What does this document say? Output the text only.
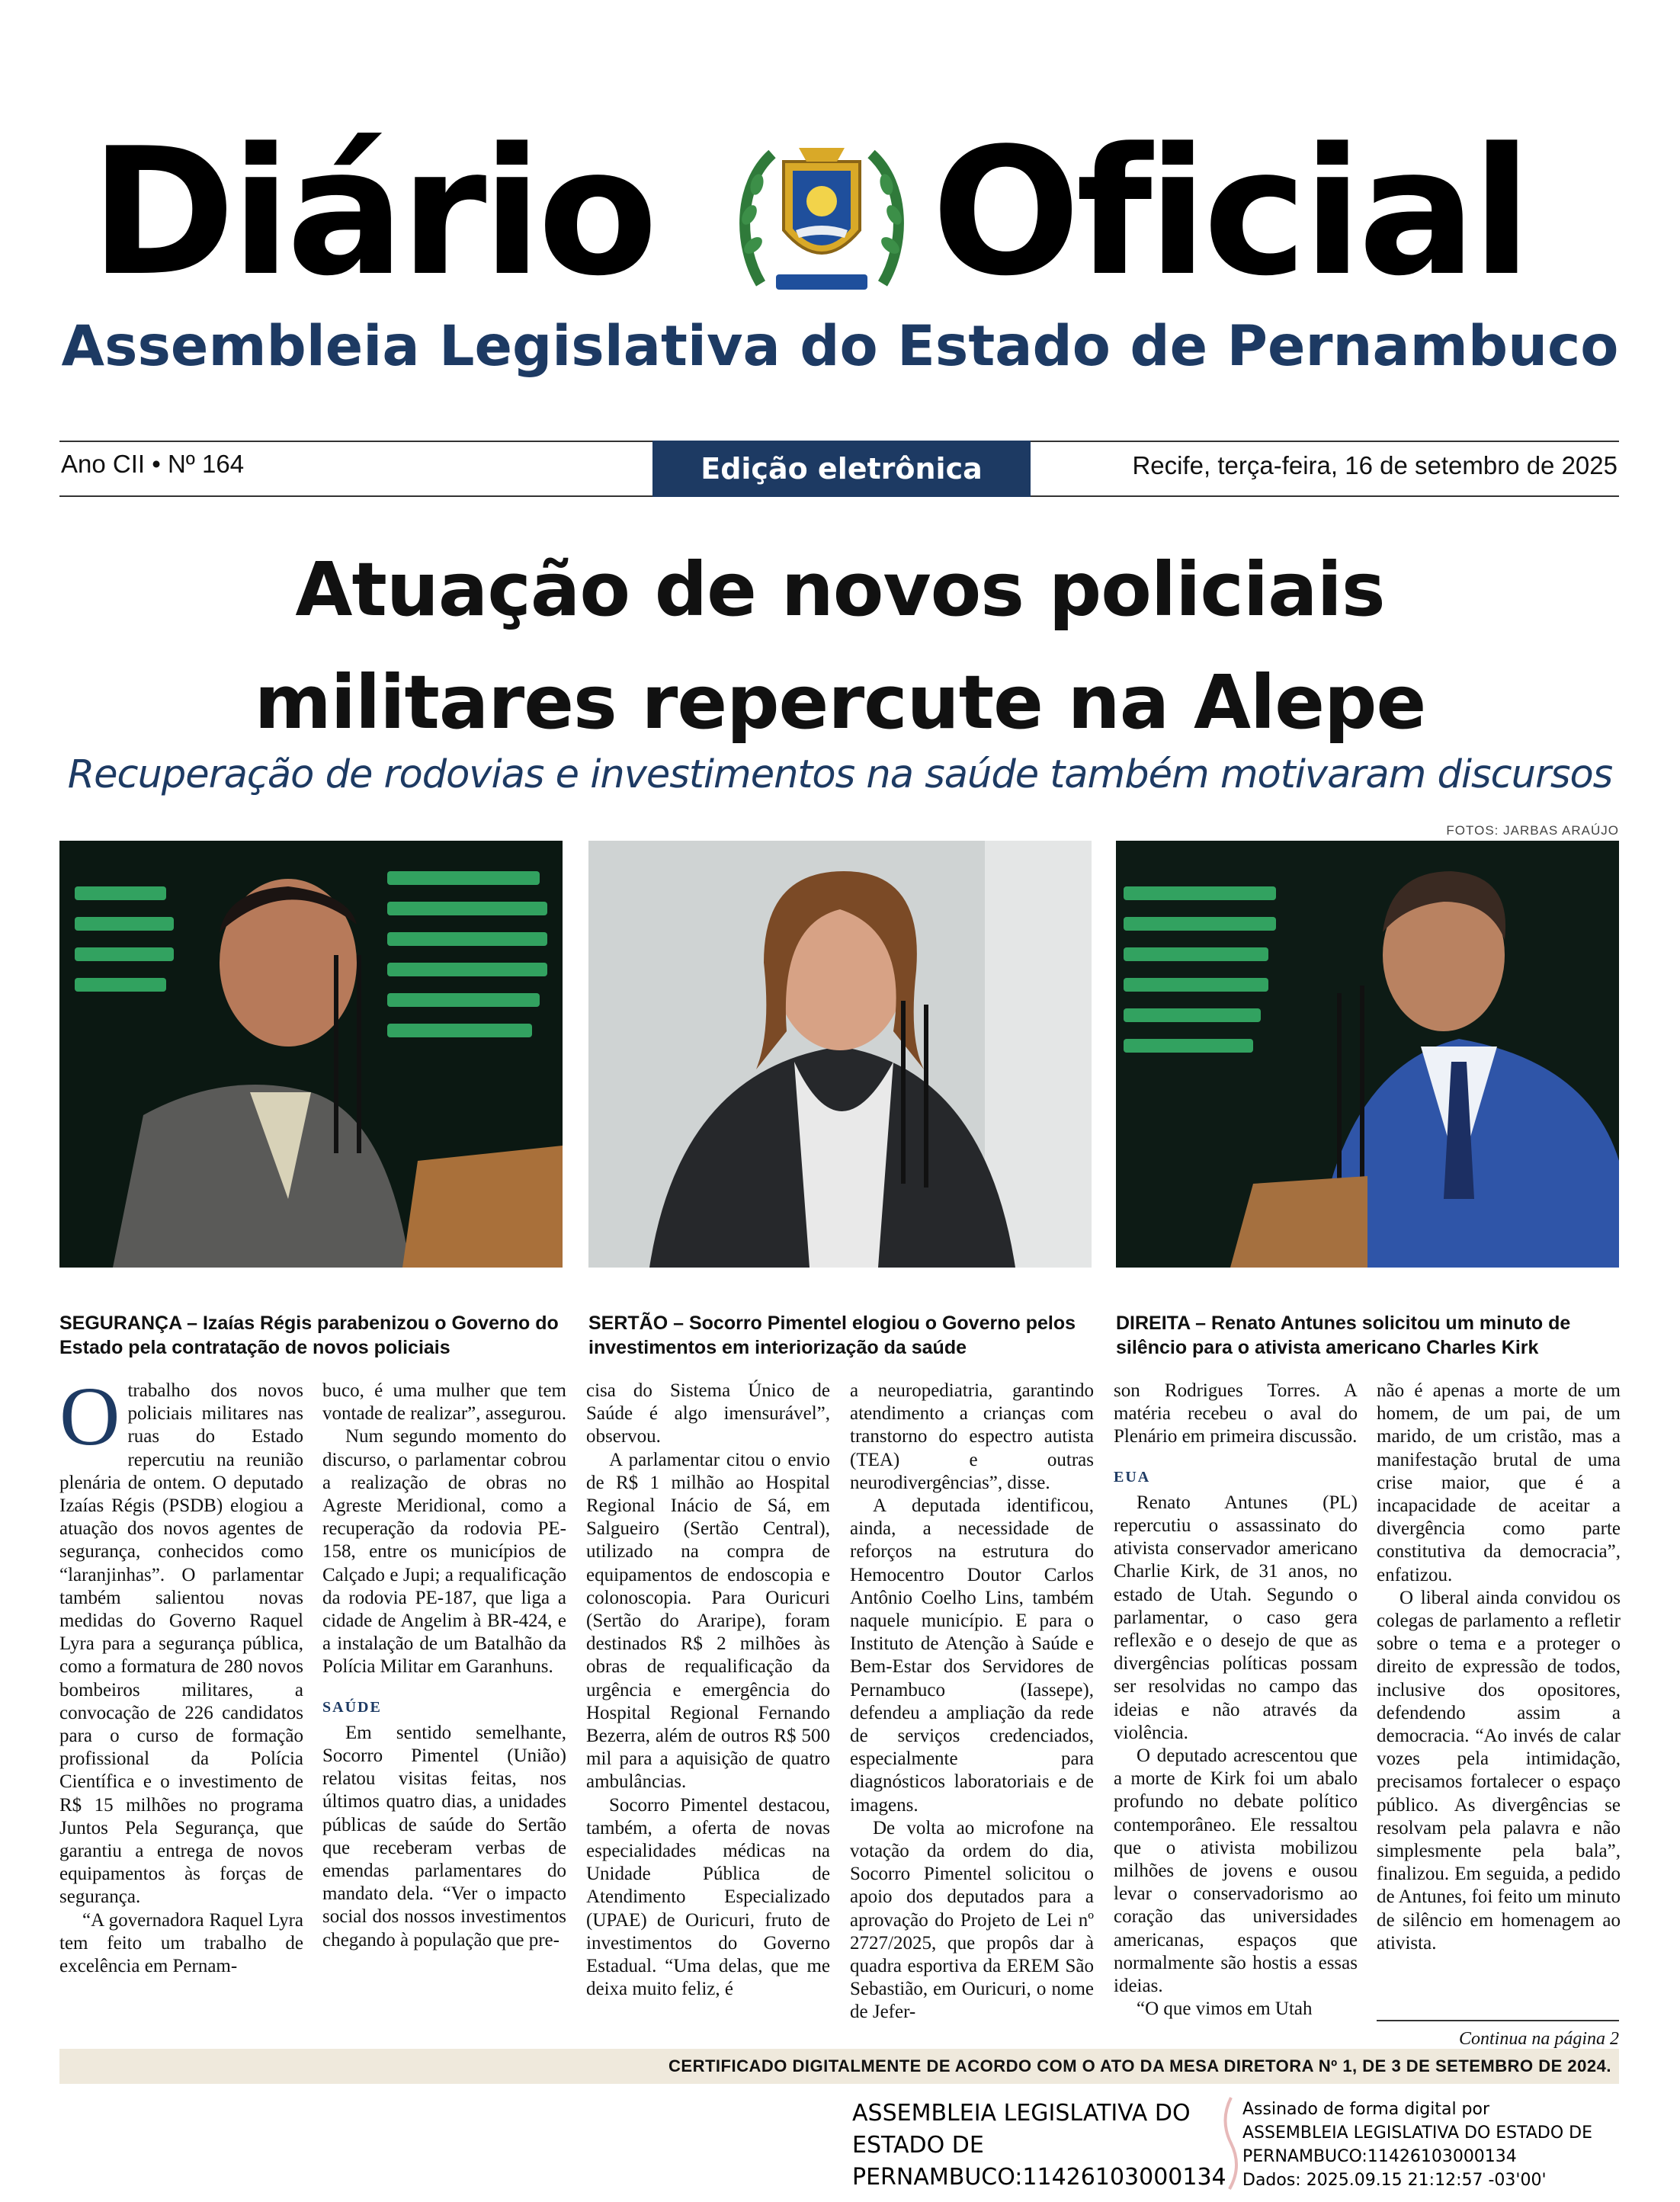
Diário Oficial
Assembleia Legislativa do Estado de Pernambuco
Ano CII • Nº 164	Edição eletrônica	Recife, terça-feira, 16 de setembro de 2025
Atuação de novos policiais
militares repercute na Alepe
Recuperação de rodovias e investimentos na saúde também motivaram discursos
FOTOS: JARBAS ARAÚJO
SEGURANÇA – Izaías Régis parabenizou o Governo do Estado pela contratação de novos policiais
SERTÃO – Socorro Pimentel elogiou o Governo pelos investimentos em interiorização da saúde
DIREITA – Renato Antunes solicitou um minuto de silêncio para o ativista americano Charles Kirk
O trabalho dos novos policiais militares nas ruas do Estado repercutiu na reunião plenária de ontem. O deputado Izaías Régis (PSDB) elogiou a atuação dos novos agentes de segurança, conhecidos como “laranjinhas”. O parlamentar também salientou novas medidas do Governo Raquel Lyra para a segurança pública, como a formatura de 280 novos bombeiros militares, a convocação de 226 candidatos para o curso de formação profissional da Polícia Científica e o investimento de R$ 15 milhões no programa Juntos Pela Segurança, que garantiu a entrega de novos equipamentos às forças de segurança.

“A governadora Raquel Lyra tem feito um trabalho de excelência em Pernam-

buco, é uma mulher que tem vontade de realizar”, assegurou.

Num segundo momento do discurso, o parlamentar cobrou a realização de obras no Agreste Meridional, como a recuperação da rodovia PE-158, entre os municípios de Calçado e Jupi; a requalificação da rodovia PE-187, que liga a cidade de Angelim à BR-424, e a instalação de um Batalhão da Polícia Militar em Garanhuns.

SAÚDE

Em sentido semelhante, Socorro Pimentel (União) relatou visitas feitas, nos últimos quatro dias, a unidades públicas de saúde do Sertão que receberam verbas de emendas parlamentares do mandato dela. “Ver o impacto social dos nossos investimentos chegando à população que pre-

cisa do Sistema Único de Saúde é algo imensurável”, observou.

A parlamentar citou o envio de R$ 1 milhão ao Hospital Regional Inácio de Sá, em Salgueiro (Sertão Central), utilizado na compra de equipamentos de endoscopia e colonoscopia. Para Ouricuri (Sertão do Araripe), foram destinados R$ 2 milhões às obras de requalificação da urgência e emergência do Hospital Regional Fernando Bezerra, além de outros R$ 500 mil para a aquisição de quatro ambulâncias.

Socorro Pimentel destacou, também, a oferta de novas especialidades médicas na Unidade Pública de Atendimento Especializado (UPAE) de Ouricuri, fruto de investimentos do Governo Estadual. “Uma delas, que me deixa muito feliz, é

a neuropediatria, garantindo atendimento a crianças com transtorno do espectro autista (TEA) e outras neurodivergências”, disse.

A deputada identificou, ainda, a necessidade de reforços na estrutura do Hemocentro Doutor Carlos Antônio Coelho Lins, também naquele município. E para o Instituto de Atenção à Saúde e Bem-Estar dos Servidores de Pernambuco (Iassepe), defendeu a ampliação da rede de serviços credenciados, especialmente para diagnósticos laboratoriais e de imagens.

De volta ao microfone na votação da ordem do dia, Socorro Pimentel solicitou o apoio dos deputados para a aprovação do Projeto de Lei nº 2727/2025, que propôs dar à quadra esportiva da EREM São Sebastião, em Ouricuri, o nome de Jefer-

son Rodrigues Torres. A matéria recebeu o aval do Plenário em primeira discussão.

EUA

Renato Antunes (PL) repercutiu o assassinato do ativista conservador americano Charlie Kirk, de 31 anos, no estado de Utah. Segundo o parlamentar, o caso gera reflexão e o desejo de que as divergências políticas possam ser resolvidas no campo das ideias e não através da violência.

O deputado acrescentou que a morte de Kirk foi um abalo profundo no debate político contemporâneo. Ele ressaltou que o ativista mobilizou milhões de jovens e ousou levar o conservadorismo ao coração das universidades americanas, espaços que normalmente são hostis a essas ideias.

“O que vimos em Utah

não é apenas a morte de um homem, de um pai, de um marido, de um cristão, mas a manifestação brutal de uma crise maior, que é a incapacidade de aceitar a divergência como parte constitutiva da democracia”, enfatizou.

O liberal ainda convidou os colegas de parlamento a refletir sobre o tema e a proteger o direito de expressão de todos, inclusive dos opositores, defendendo assim a democracia. “Ao invés de calar vozes pela intimidação, precisamos fortalecer o espaço público. As divergências se resolvam pela palavra e não simplesmente pela bala”, finalizou. Em seguida, a pedido de Antunes, foi feito um minuto de silêncio em homenagem ao ativista.

Continua na página 2
CERTIFICADO DIGITALMENTE DE ACORDO COM O ATO DA MESA DIRETORA Nº 1, DE 3 DE SETEMBRO DE 2024.
ASSEMBLEIA LEGISLATIVA DO
ESTADO DE
PERNAMBUCO:11426103000134
Assinado de forma digital por
ASSEMBLEIA LEGISLATIVA DO ESTADO DE
PERNAMBUCO:11426103000134
Dados: 2025.09.15 21:12:57 -03'00'
